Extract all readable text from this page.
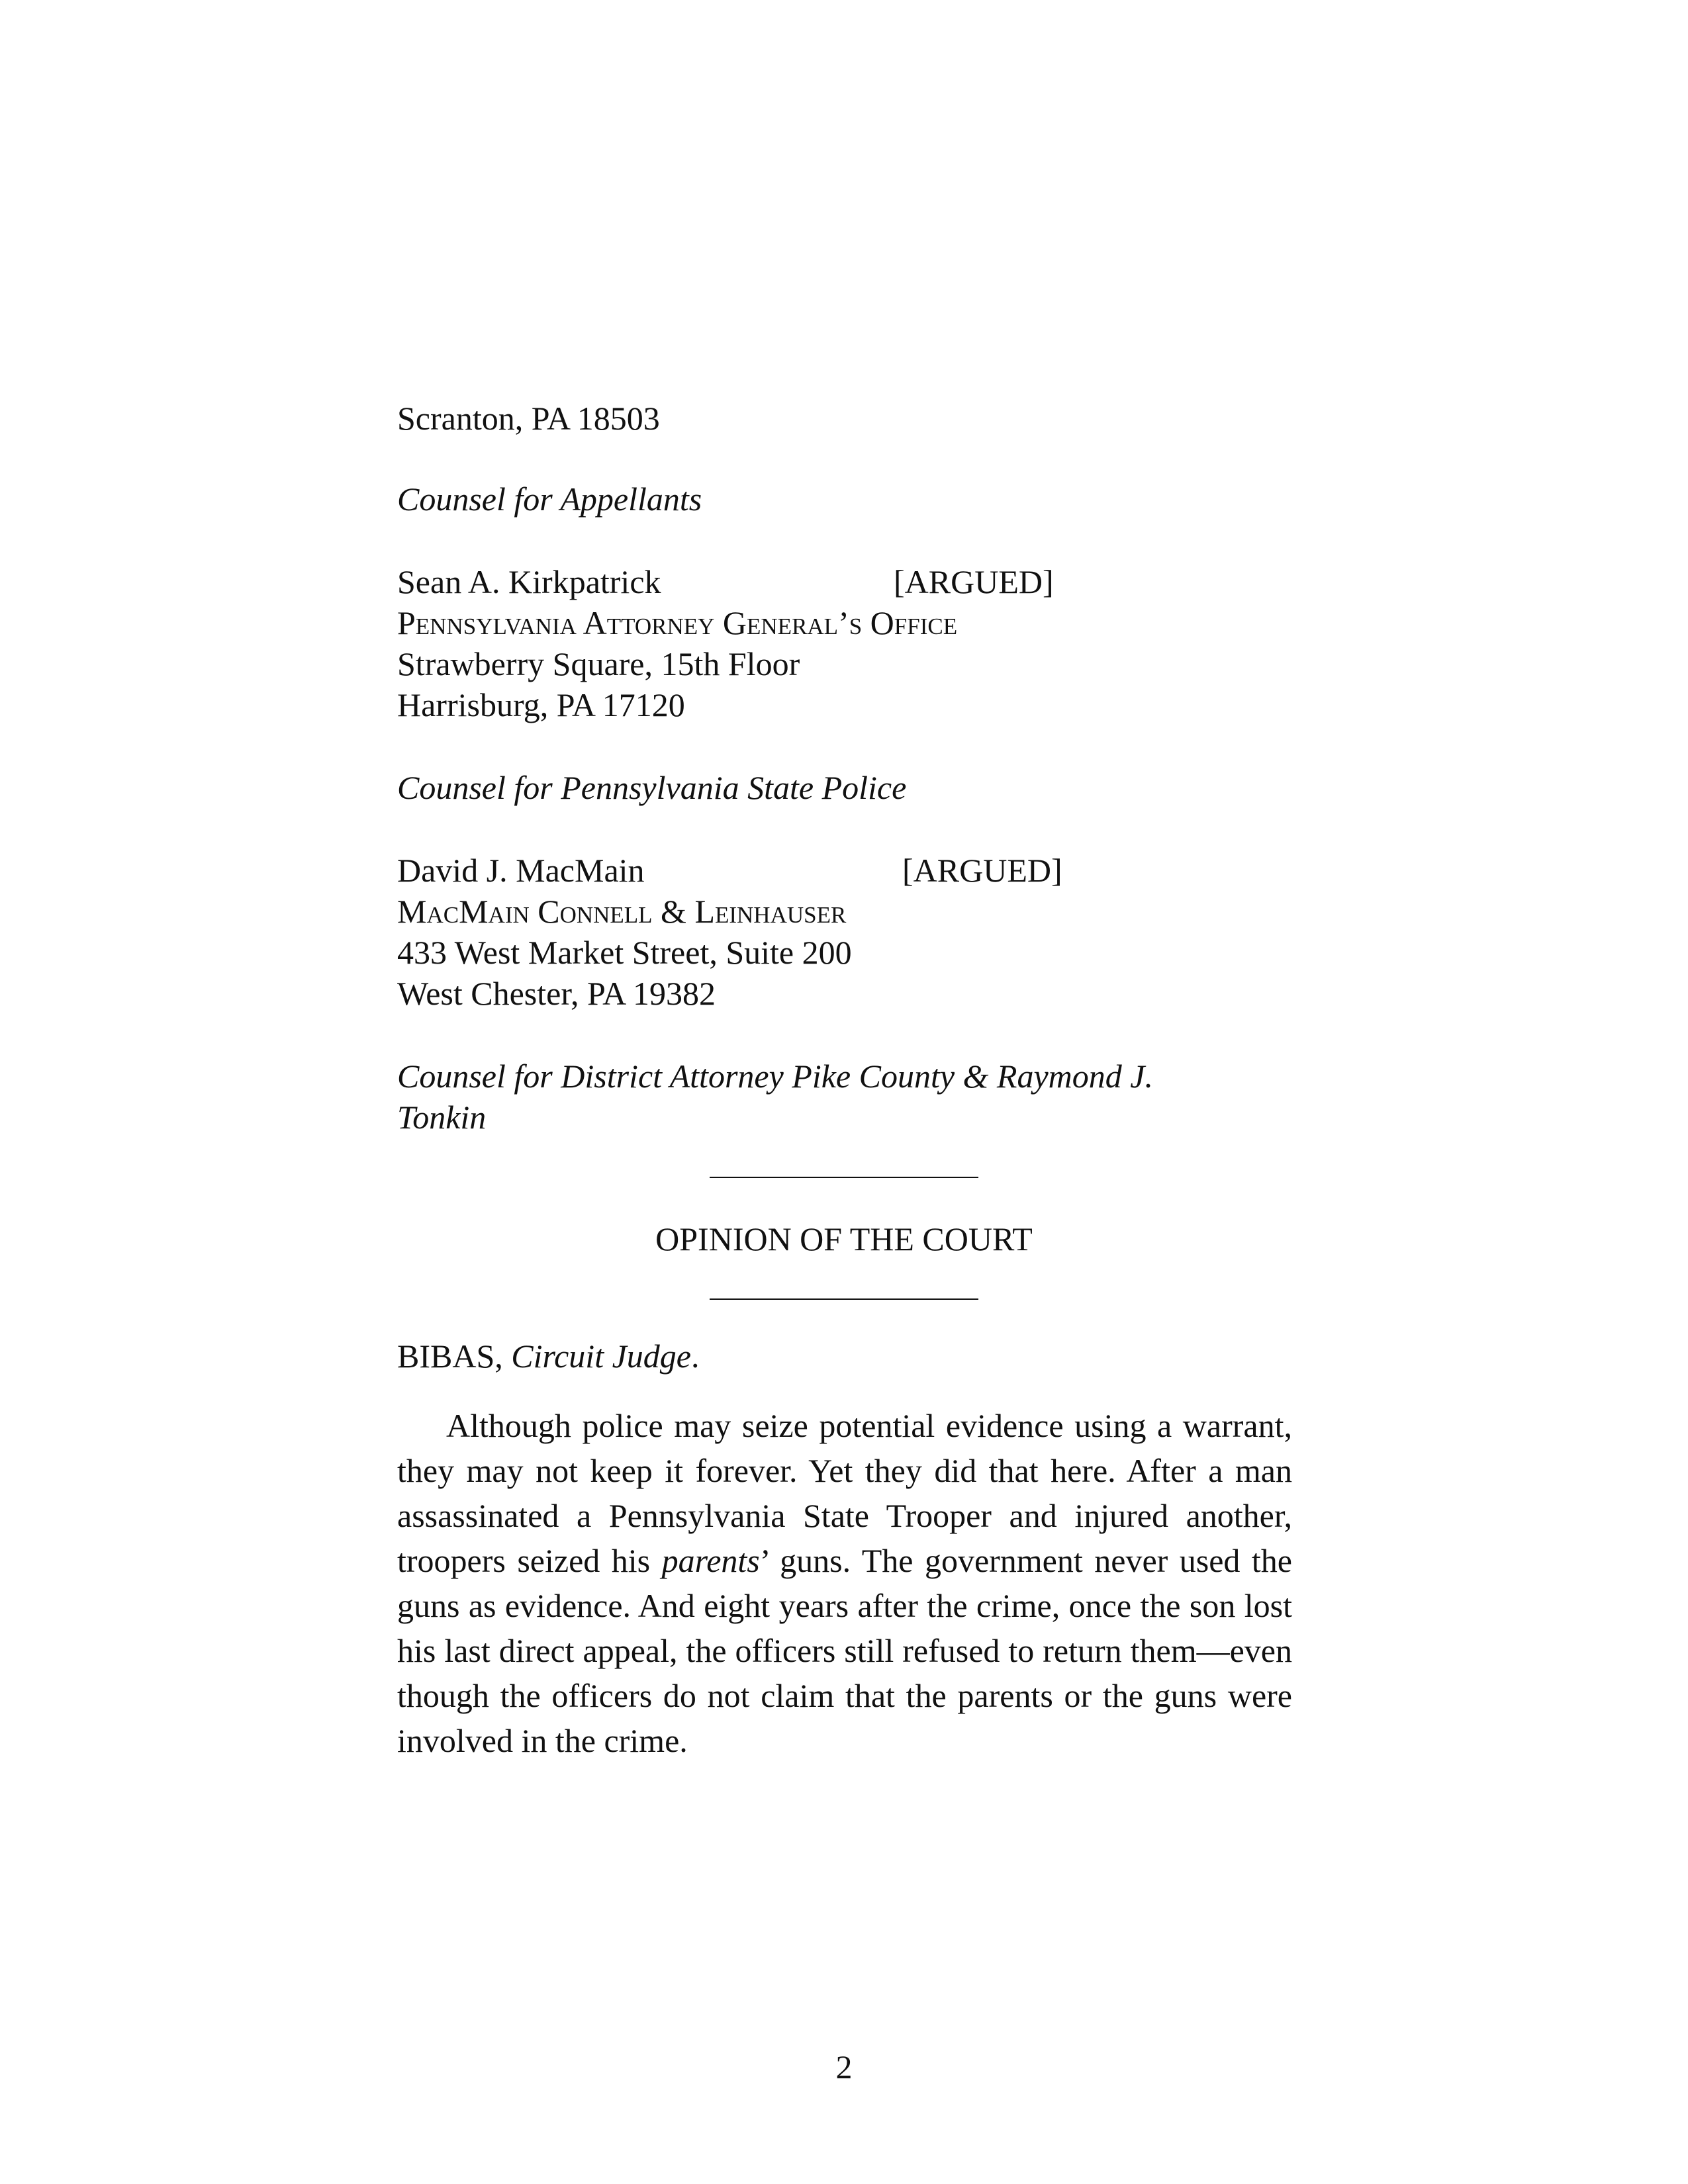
Scranton, PA 18503
Counsel for Appellants
Sean A. Kirkpatrick	[ARGUED]
Pennsylvania Attorney General’s Office
Strawberry Square, 15th Floor
Harrisburg, PA 17120
Counsel for Pennsylvania State Police
David J. MacMain	[ARGUED]
MacMain Connell & Leinhauser
433 West Market Street, Suite 200
West Chester, PA 19382
Counsel for District Attorney Pike County & Raymond J.
Tonkin
OPINION OF THE COURT
BIBAS, Circuit Judge.
Although police may seize potential evidence using a warrant, they may not keep it forever. Yet they did that here. After a man assassinated a Pennsylvania State Trooper and injured another, troopers seized his parents’ guns. The government never used the guns as evidence. And eight years after the crime, once the son lost his last direct appeal, the officers still refused to return them—even though the officers do not claim that the parents or the guns were involved in the crime.
2
